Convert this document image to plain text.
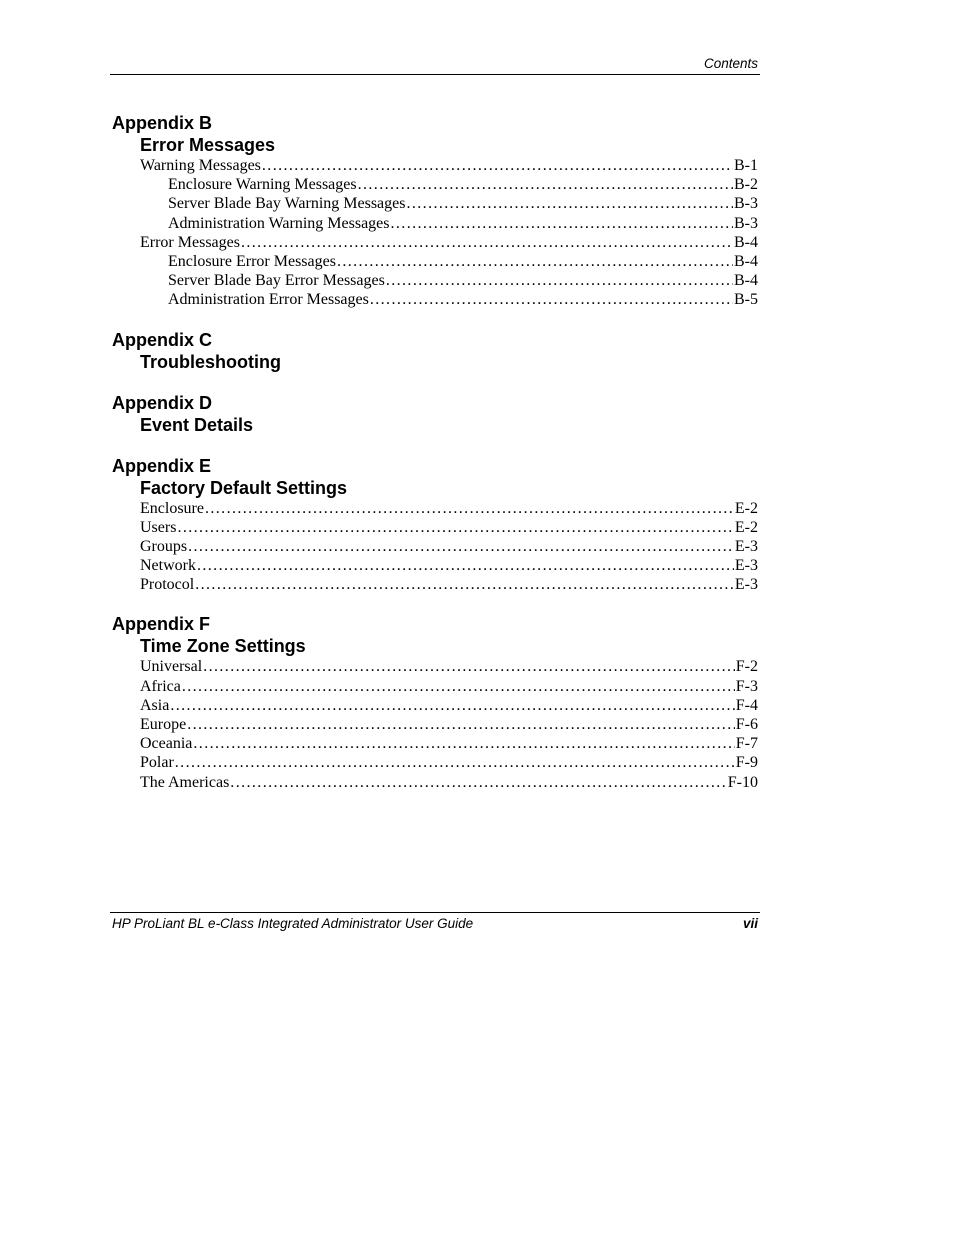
Contents
Appendix B
Error Messages
Warning Messages . . .	B-1
Enclosure Warning Messages . . .	B-2
Server Blade Bay Warning Messages . . .	B-3
Administration Warning Messages . . .	B-3
Error Messages . . .	B-4
Enclosure Error Messages . . .	B-4
Server Blade Bay Error Messages . . .	B-4
Administration Error Messages . . .	B-5
Appendix C
Troubleshooting
Appendix D
Event Details
Appendix E
Factory Default Settings
Enclosure . . .	E-2
Users . . .	E-2
Groups . . .	E-3
Network . . .	E-3
Protocol . . .	E-3
Appendix F
Time Zone Settings
Universal . . .	F-2
Africa . . .	F-3
Asia . . .	F-4
Europe . . .	F-6
Oceania . . .	F-7
Polar . . .	F-9
The Americas . . .	F-10
HP ProLiant BL e-Class Integrated Administrator User Guide	vii
